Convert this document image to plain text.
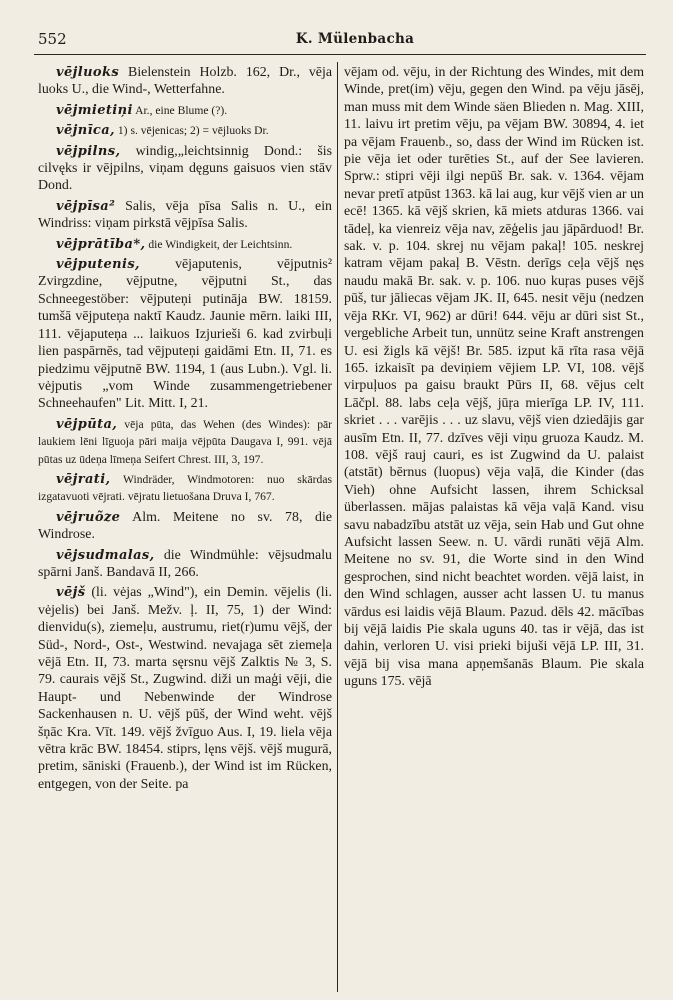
552	K. Mülenbacha

vējluoks Bielenstein Holzb. 162, Dr., vēja luoks U., die Wind-, Wetterfahne.

vējmietiņi Ar., eine Blume (?).

vējnīca, 1) s. vējenicas; 2) = vējluoks Dr.

vējpilns, windig,„leichtsinnig Dond.: šis cilvęks ir vējpilns, viņam dęguns gaisuos vien stāv Dond.

vējpīsa² Salis, vēja pīsa Salis n. U., ein Windriss: viņam pirkstā vējpīsa Salis.

vējprātība*, die Windigkeit, der Leichtsinn.

vējputenis, vējaputenis, vējputnis² Zvirgzdine, vējputne, vējputni St., das Schneegestöber: vējputeņi putināja BW. 18159. tumšā vējputeņa naktī Kaudz. Jaunie mērn. laiki III, 111. vējaputeņa ... laikuos Izjurieši 6. kad zvirbuļi lien paspārnēs, tad vējputeņi gaidāmi Etn. II, 71. es piedzimu vējputnē BW. 1194, 1 (aus Lubn.). Vgl. li. vėjputis „vom Winde zusammengetriebener Schneehaufen" Lit. Mitt. I, 21.

vējpūta, vēja pūta, das Wehen (des Windes): pār laukiem lēni līguoja pāri maija vējpūta Daugava I, 991. vējā pūtas uz ūdeņa līmeņa Seifert Chrest. III, 3, 197.

vējrati, Windräder, Windmotoren: nuo skārdas izgatavuoti vējrati. vējratu lietuošana Druva I, 767.

vējruõze Alm. Meitene no sv. 78, die Windrose.

vējsudmalas, die Windmühle: vējsudmalu spārni Janš. Bandavā II, 266.

vējš (li. vėjas „Wind"), ein Demin. vējelis (li. vėjelis) bei Janš. Mežv. ļ. II, 75, 1) der Wind: dienvidu(s), ziemeļu, austrumu, riet(r)umu vējš, der Süd-, Nord-, Ost-, Westwind. nevajaga sēt ziemeļa vējā Etn. II, 73. marta sęrsnu vējš Zalktis № 3, S. 79. caurais vējš St., Zugwind. diži un maģi vēji, die Haupt- und Nebenwinde der Windrose Sackenhausen n. U. vējš pūš, der Wind weht. vējš šņāc Kra. Vīt. 149. vējš žvīguo Aus. I, 19. liela vēja vētra krāc BW. 18454. stiprs, lęns vējš. vējš mugurā, pretim, sāniski (Frauenb.), der Wind ist im Rücken, entgegen, von der Seite. pa

vējam od. vēju, in der Richtung des Windes, mit dem Winde, pret(im) vēju, gegen den Wind. pa vēju jāsēj, man muss mit dem Winde säen Blieden n. Mag. XIII, 11. laivu irt pretim vēju, pa vējam BW. 30894, 4. iet pa vējam Frauenb., so, dass der Wind im Rücken ist. pie vēja iet oder turēties St., auf der See lavieren. Sprw.: stipri vēji ilgi nepūš Br. sak. v. 1364. vējam nevar pretī atpūst 1363. kā lai aug, kur vējš vien ar un ecē! 1365. kā vējš skrien, kā miets atduras 1366. vai tādeļ, ka vienreiz vēja nav, zēģelis jau jāpārduod! Br. sak. v. p. 104. skrej nu vējam pakaļ! 105. neskrej katram vējam pakaļ B. Vēstn. derīgs ceļa vējš nęs naudu makā Br. sak. v. p. 106. nuo kuŗas puses vējš pūš, tur jāliecas vējam JK. II, 645. nesit vēju (nedzen vēja RKr. VI, 962) ar dūri! 644. vēju ar dūri sist St., vergebliche Arbeit tun, unnütz seine Kraft anstrengen U. esi žigls kā vējš! Br. 585. izput kā rīta rasa vējā 165. izkaisīt pa deviņiem vējiem LP. VI, 108. vējš virpuļuos pa gaisu braukt Pūrs II, 68. vējus celt Lāčpl. 88. labs ceļa vējš, jūŗa mierīga LP. IV, 111. skriet . . . varējis . . . uz slavu, vējš vien dziedājis gar ausīm Etn. II, 77. dzīves vēji viņu gruoza Kaudz. M. 108. vējš rauj cauri, es ist Zugwind da U. palaist (atstāt) bērnus (luopus) vēja vaļā, die Kinder (das Vieh) ohne Aufsicht lassen, ihrem Schicksal überlassen. mājas palaistas kā vēja vaļā Kand. visu savu nabadzību atstāt uz vēja, sein Hab und Gut ohne Aufsicht lassen Seew. n. U. vārdi runāti vējā Alm. Meitene no sv. 91, die Worte sind in den Wind gesprochen, sind nicht beachtet worden. vējā laist, in den Wind schlagen, ausser acht lassen U. tu manus vārdus esi laidis vējā Blaum. Pazud. dēls 42. mācības bij vējā laidis Pie skala uguns 40. tas ir vējā, das ist dahin, verloren U. visi prieki bijuši vējā LP. III, 31. vējā bij visa mana apņemšanās Blaum. Pie skala uguns 175. vējā
